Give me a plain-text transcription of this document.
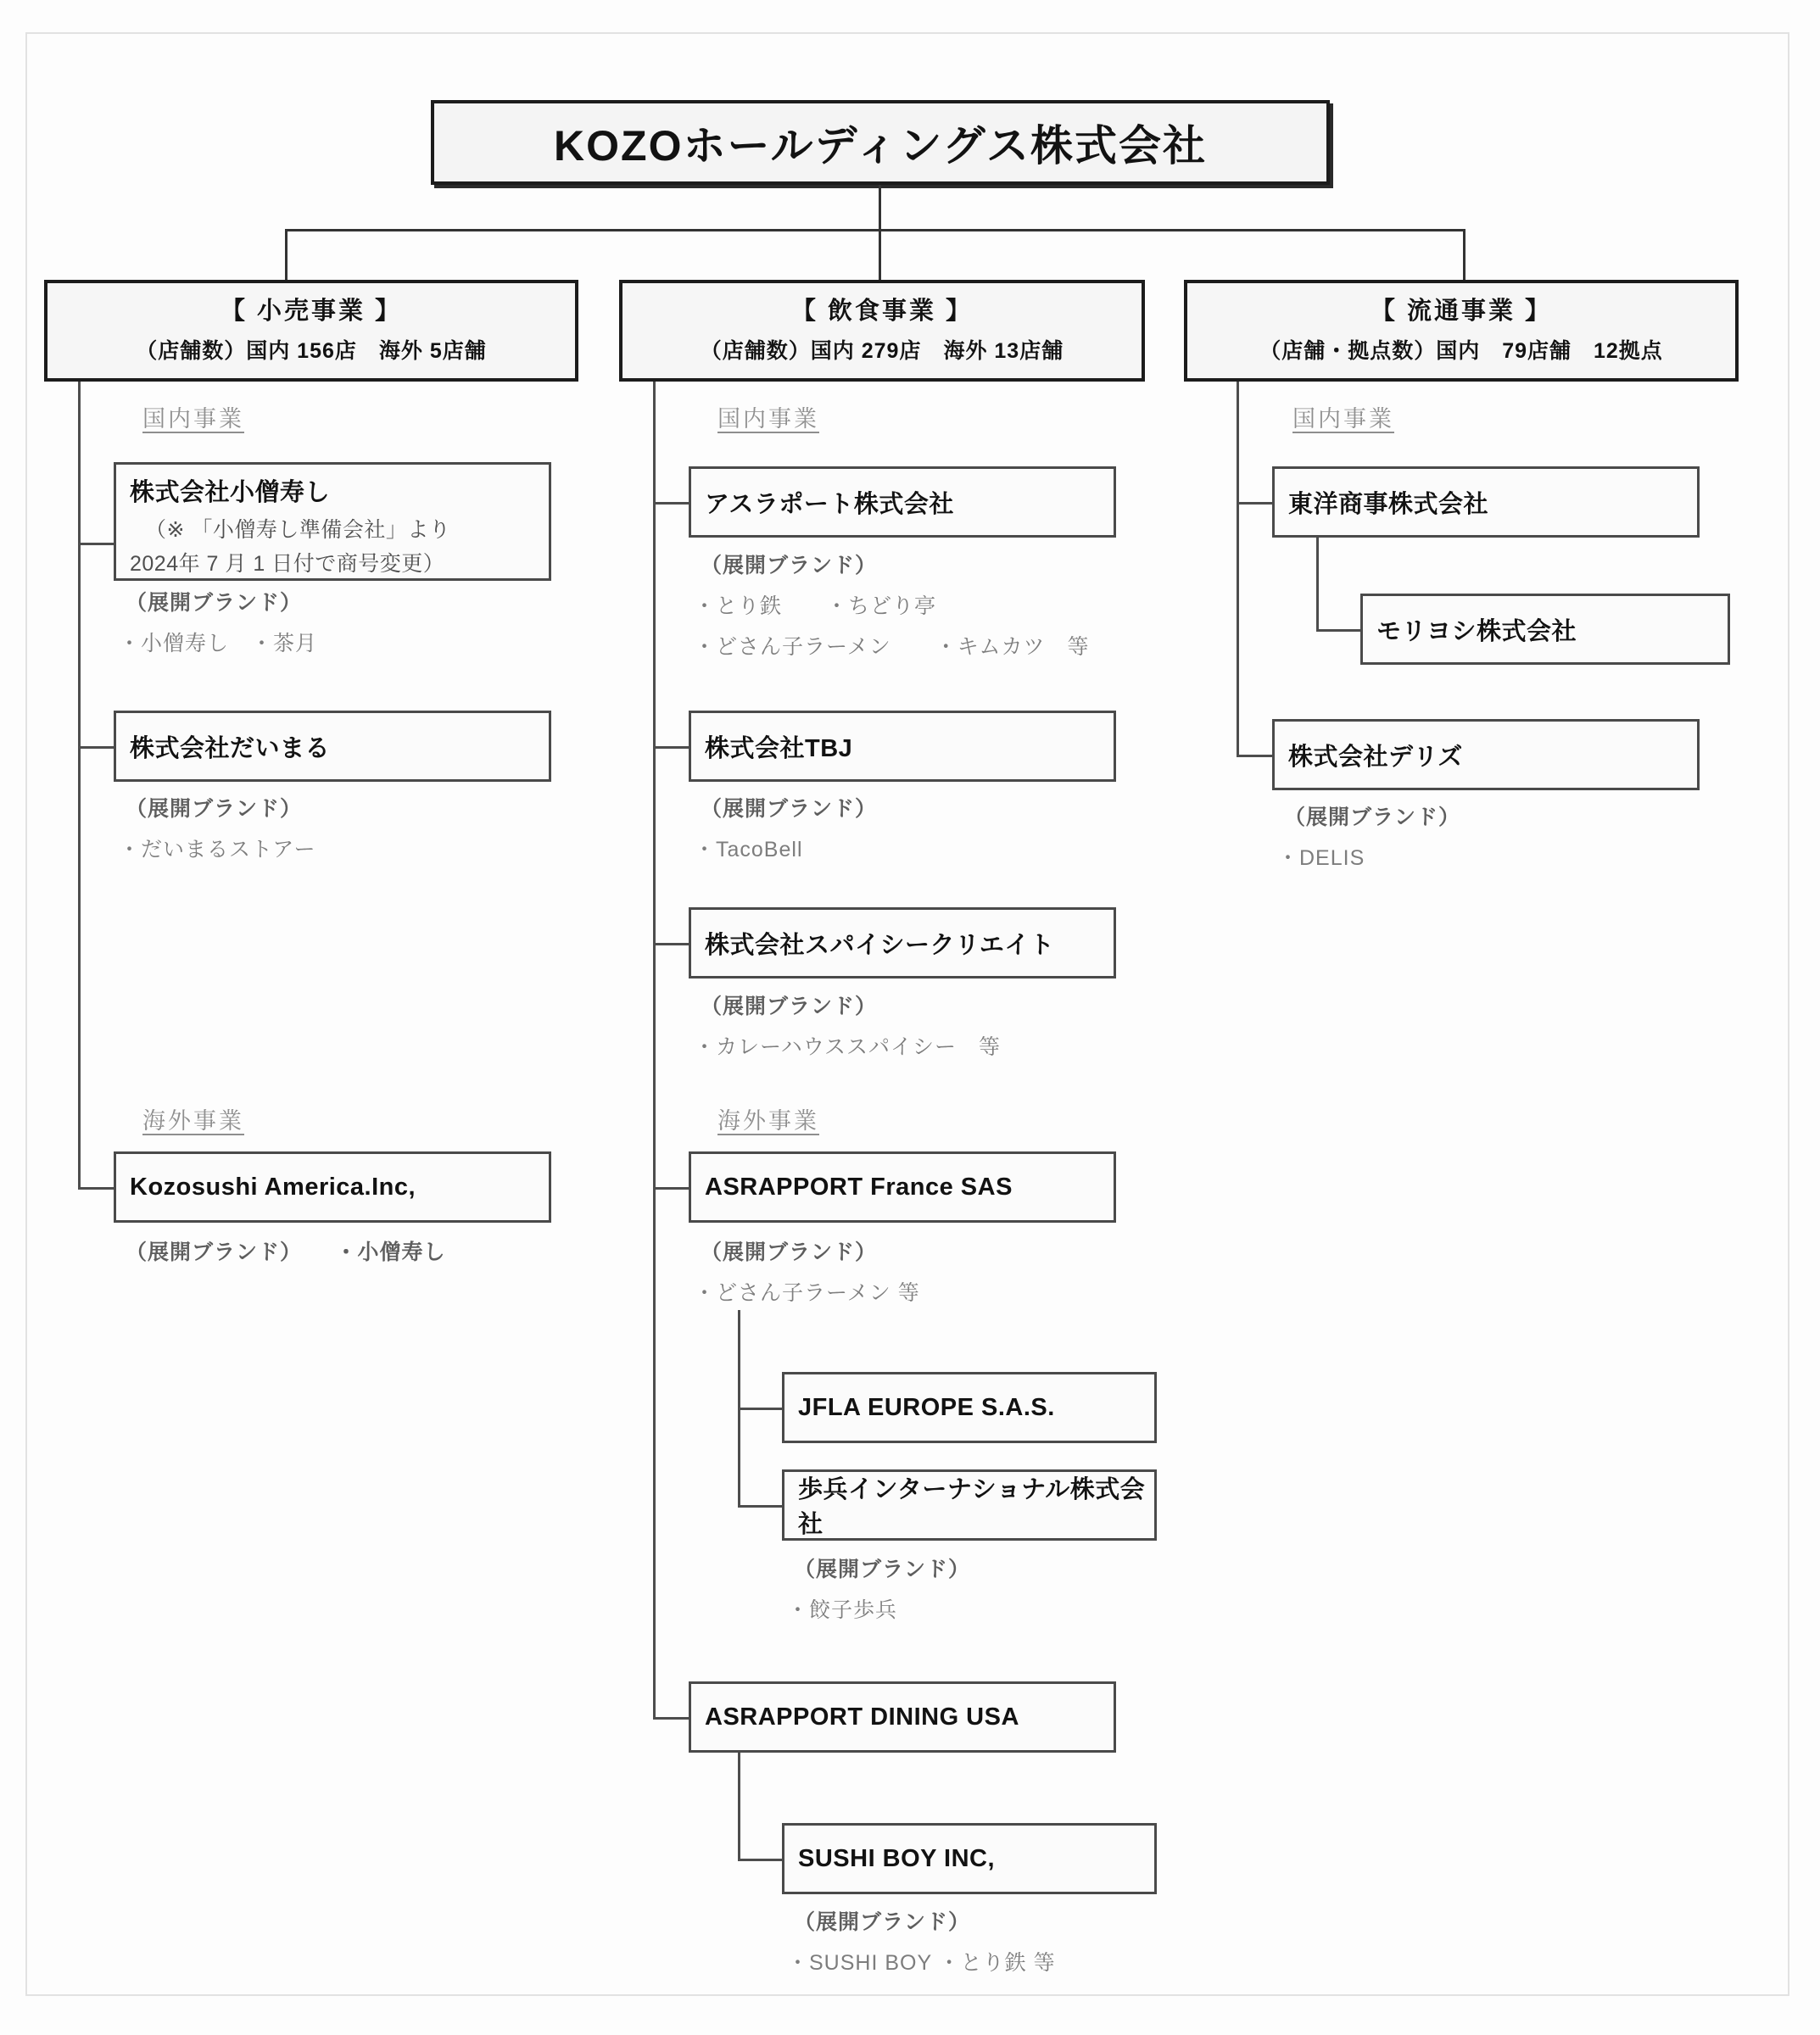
KOZOホールディングス株式会社
【 小売事業 】
（店舗数）国内 156店　海外 5店舗
【 飲食事業 】
（店舗数）国内 279店　海外 13店舗
【 流通事業 】
（店舗・拠点数）国内　79店舗　12拠点
国内事業
株式会社小僧寿し
（※ 「小僧寿し準備会社」より
2024年 7 月 1 日付で商号変更）
（展開ブランド）
・小僧寿し　・茶月
株式会社だいまる
（展開ブランド）
・だいまるストアー
海外事業
Kozosushi America.Inc,
（展開ブランド）　　・小僧寿し
国内事業
アスラポート株式会社
（展開ブランド）
・とり鉄　　・ちどり亭
・どさん子ラーメン　　・キムカツ　等
株式会社TBJ
（展開ブランド）
・TacoBell
株式会社スパイシークリエイト
（展開ブランド）
・カレーハウススパイシー　等
海外事業
ASRAPPORT France SAS
（展開ブランド）
・どさん子ラーメン 等
JFLA EUROPE S.A.S.
歩兵インターナショナル株式会社
（展開ブランド）
・餃子歩兵
ASRAPPORT DINING USA
SUSHI BOY INC,
（展開ブランド）
・SUSHI BOY ・とり鉄 等
国内事業
東洋商事株式会社
モリヨシ株式会社
株式会社デリズ
（展開ブランド）
・DELIS
